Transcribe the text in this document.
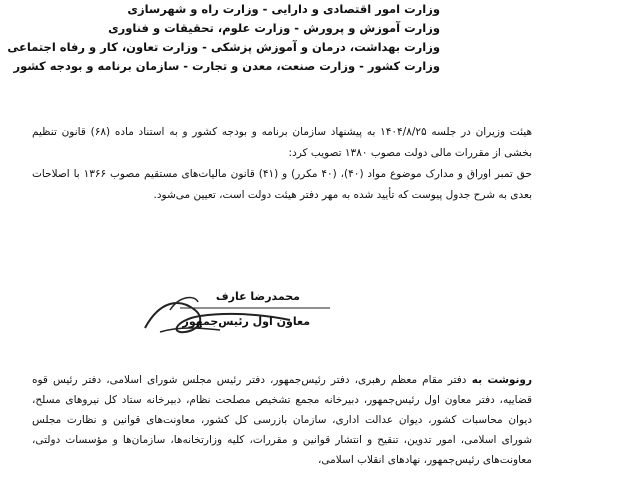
وزارت امور اقتصادی و دارایی - وزارت راه و شهرسازی
وزارت آموزش و پرورش - وزارت علوم، تحقیقات و فناوری
وزارت بهداشت، درمان و آموزش پزشکی - وزارت تعاون، کار و رفاه اجتماعی
وزارت کشور - وزارت صنعت، معدن و تجارت - سازمان برنامه و بودجه کشور

هیئت وزیران در جلسه ۱۴۰۴/۸/۲۵ به پیشنهاد سازمان برنامه و بودجه کشور و به استناد ماده (۶۸) قانون تنظیم بخشی از مقررات مالی دولت مصوب ۱۳۸۰ تصویب کرد:

حق تمبر اوراق و مدارک موضوع مواد (۴۰)، (۴۰ مکرر) و (۴۱) قانون مالیات‌های مستقیم مصوب ۱۳۶۶ با اصلاحات بعدی به شرح جدول پیوست که تأیید شده به مهر دفتر هیئت دولت است، تعیین می‌شود.

محمدرضا عارف
معاون اول رئیس‌جمهور
رونوشت به دفتر مقام معظم رهبری، دفتر رئیس‌جمهور، دفتر رئیس مجلس شورای اسلامی، دفتر رئیس قوه قضاییه، دفتر معاون اول رئیس‌جمهور، دبیرخانه مجمع تشخیص مصلحت نظام، دبیرخانه ستاد کل نیروهای مسلح، دیوان محاسبات کشور، دیوان عدالت اداری، سازمان بازرسی کل کشور، معاونت‌های قوانین و نظارت مجلس شورای اسلامی، امور تدوین، تنقیح و انتشار قوانین و مقررات، کلیه وزارتخانه‌ها، سازمان‌ها و مؤسسات دولتی، معاونت‌های رئیس‌جمهور، نهادهای انقلاب اسلامی،
